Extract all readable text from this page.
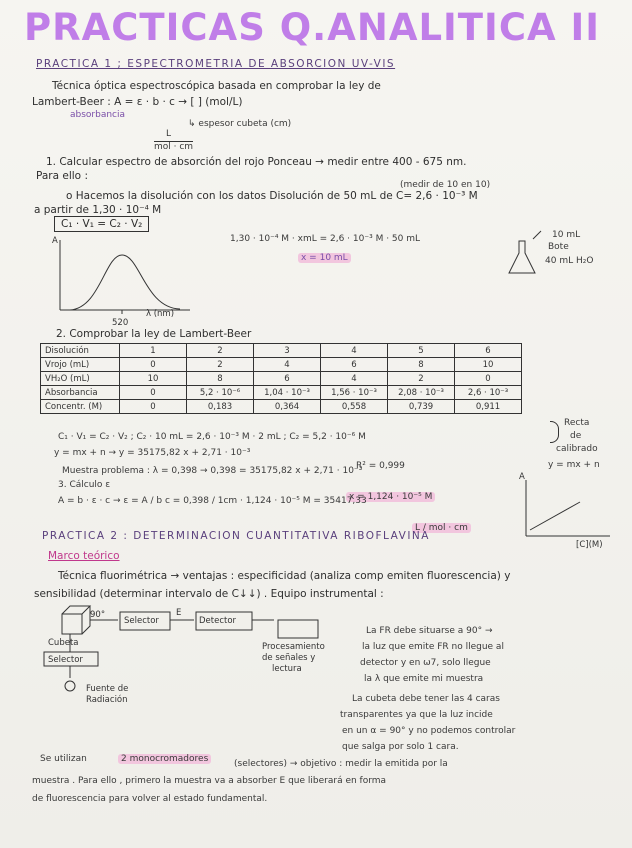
PRACTICAS Q.ANALITICA II
PRACTICA 1 ; ESPECTROMETRIA DE ABSORCION UV-VIS
Técnica óptica espectroscópica basada en comprobar la ley de
Lambert-Beer : A = ε · b · c → [ ] (mol/L)
absorbancia
↳ espesor cubeta (cm)
L
mol · cm
1. Calcular espectro de absorción del rojo Ponceau → medir entre 400 - 675 nm.
Para ello :
(medir de 10 en 10)
o Hacemos la disolución con los datos Disolución de 50 mL de C= 2,6 · 10⁻³ M
a partir de 1,30 · 10⁻⁴ M
C₁ · V₁ = C₂ · V₂
1,30 · 10⁻⁴ M · xmL = 2,6 · 10⁻³ M · 50 mL
x = 10 mL
10 mL
Bote
40 mL H₂O
A
λ (nm)
520
2. Comprobar la ley de Lambert-Beer
Disolución	1	2	3	4	5	6
Vrojo (mL)	0	2	4	6	8	10
VH₂O (mL)	10	8	6	4	2	0
Absorbancia	0	5,2 · 10⁻⁶	1,04 · 10⁻³	1,56 · 10⁻³	2,08 · 10⁻³	2,6 · 10⁻³
Concentr. (M)	0	0,183	0,364	0,558	0,739	0,911
Recta
de
calibrado
y = mx + n
C₁ · V₁ = C₂ · V₂ ; C₂ · 10 mL = 2,6 · 10⁻³ M · 2 mL ; C₂ = 5,2 · 10⁻⁶ M
y = mx + n → y = 35175,82 x + 2,71 · 10⁻³
R² = 0,999
Muestra problema : λ = 0,398 → 0,398 = 35175,82 x + 2,71 · 10⁻³
x = 1,124 · 10⁻⁵ M
3. Cálculo ε
A = b · ε · c → ε = A / b c = 0,398 / 1cm · 1,124 · 10⁻⁵ M = 35417,33
L / mol · cm
A
[C](M)
PRACTICA 2 : DETERMINACION CUANTITATIVA RIBOFLAVINA
Marco teórico
Técnica fluorimétrica → ventajas : especificidad (analiza comp emiten fluorescencia) y
sensibilidad (determinar intervalo de C↓↓) . Equipo instrumental :
Selector	Detector
90°	E
Cubeta
Selector
Fuente de
Radiación
Procesamiento
de señales y
lectura
La FR debe situarse a 90° →
la luz que emite FR no llegue al
detector y en ω7, solo llegue
la λ que emite mi muestra
La cubeta debe tener las 4 caras
transparentes ya que la luz incide
en un α = 90° y no podemos controlar
que salga por solo 1 cara.
Se utilizan	2 monocromadores	(selectores) → objetivo : medir la emitida por la
muestra . Para ello , primero la muestra va a absorber E que liberará en forma
de fluorescencia para volver al estado fundamental.
